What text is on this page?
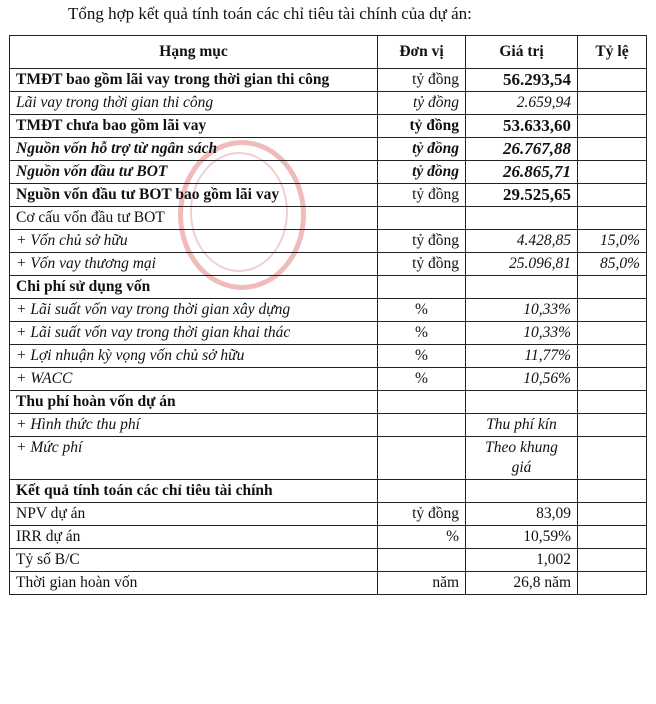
Tổng hợp kết quả tính toán các chỉ tiêu tài chính của dự án:
Hạng mục	Đơn vị	Giá trị	Tỷ lệ
TMĐT bao gồm lãi vay trong thời gian thi công	tỷ đồng	56.293,54	
Lãi vay trong thời gian thi công	tỷ đồng	2.659,94	
TMĐT chưa bao gồm lãi vay	tỷ đồng	53.633,60	
Nguồn vốn hỗ trợ từ ngân sách	tỷ đồng	26.767,88	
Nguồn vốn đầu tư BOT	tỷ đồng	26.865,71	
Nguồn vốn đầu tư BOT bao gồm lãi vay	tỷ đồng	29.525,65	
Cơ cấu vốn đầu tư BOT			
+ Vốn chủ sở hữu	tỷ đồng	4.428,85	15,0%
+ Vốn vay thương mại	tỷ đồng	25.096,81	85,0%
Chi phí sử dụng vốn			
+ Lãi suất vốn vay trong thời gian xây dựng	%	10,33%	
+ Lãi suất vốn vay trong thời gian khai thác	%	10,33%	
+ Lợi nhuận kỳ vọng vốn chủ sở hữu	%	11,77%	
+ WACC	%	10,56%	
Thu phí hoàn vốn dự án			
+ Hình thức thu phí		Thu phí kín	
+ Mức phí		Theo khung giá	
Kết quả tính toán các chỉ tiêu tài chính			
NPV dự án	tỷ đồng	83,09	
IRR dự án	%	10,59%	
Tỷ số B/C		1,002	
Thời gian hoàn vốn	năm	26,8 năm	
